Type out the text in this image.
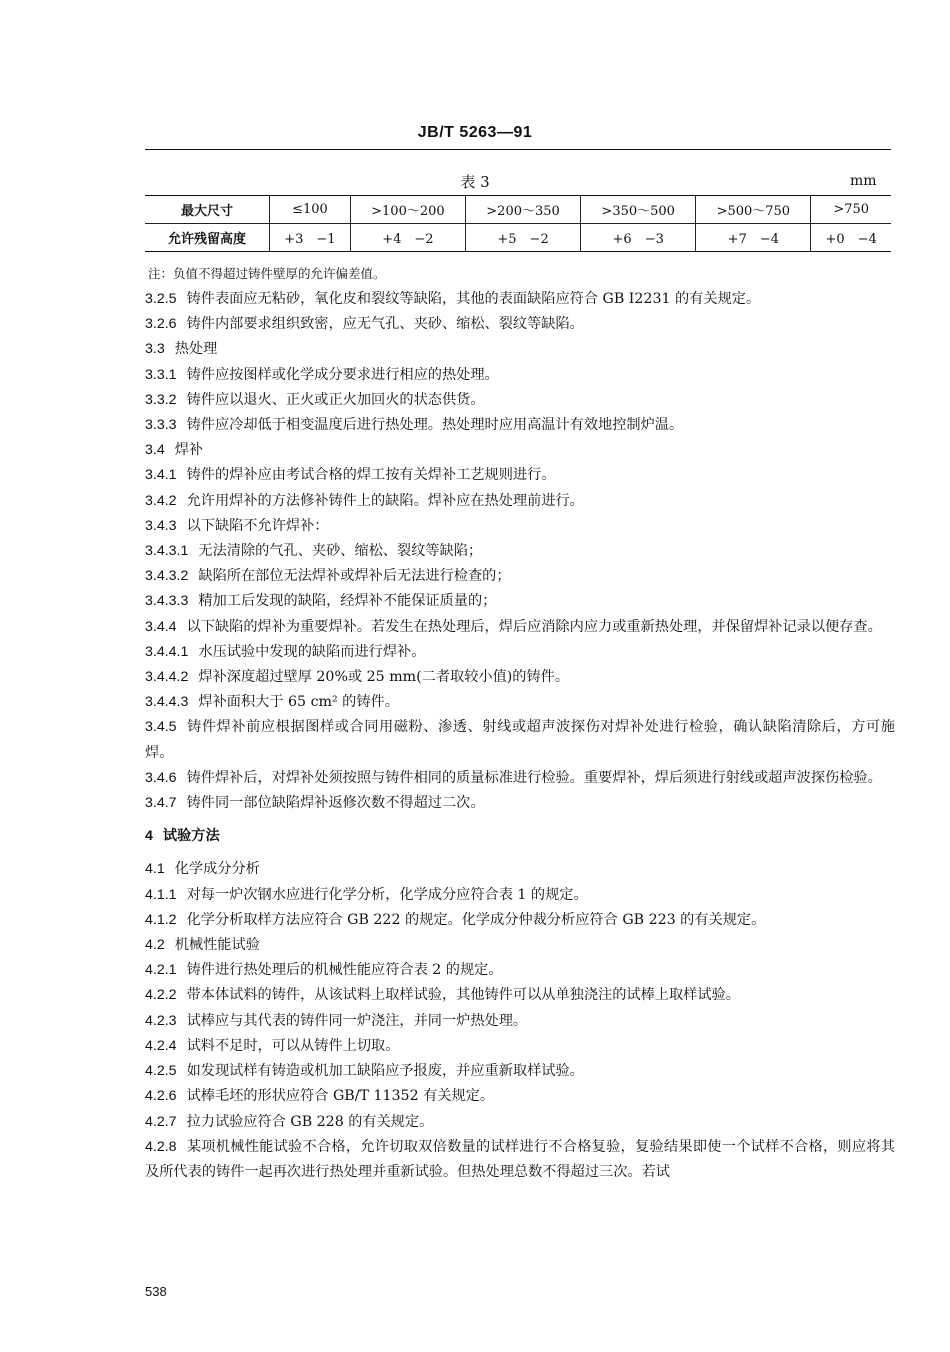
JB/T 5263—91
表 3	mm
最大尺寸	≤100	>100～200	>200～350	>350～500	>500～750	>750
允许残留高度	+3　−1	+4　−2	+5　−2	+6　−3	+7　−4	+0　−4
注：负值不得超过铸件壁厚的允许偏差值。

3.2.5 铸件表面应无粘砂，氧化皮和裂纹等缺陷，其他的表面缺陷应符合 GB I2231 的有关规定。

3.2.6 铸件内部要求组织致密，应无气孔、夹砂、缩松、裂纹等缺陷。

3.3 热处理

3.3.1 铸件应按图样或化学成分要求进行相应的热处理。

3.3.2 铸件应以退火、正火或正火加回火的状态供货。

3.3.3 铸件应冷却低于相变温度后进行热处理。热处理时应用高温计有效地控制炉温。

3.4 焊补

3.4.1 铸件的焊补应由考试合格的焊工按有关焊补工艺规则进行。

3.4.2 允许用焊补的方法修补铸件上的缺陷。焊补应在热处理前进行。

3.4.3 以下缺陷不允许焊补：

3.4.3.1 无法清除的气孔、夹砂、缩松、裂纹等缺陷；

3.4.3.2 缺陷所在部位无法焊补或焊补后无法进行检查的；

3.4.3.3 精加工后发现的缺陷，经焊补不能保证质量的；

3.4.4 以下缺陷的焊补为重要焊补。若发生在热处理后，焊后应消除内应力或重新热处理，并保留焊补记录以便存查。

3.4.4.1 水压试验中发现的缺陷而进行焊补。

3.4.4.2 焊补深度超过壁厚 20%或 25 mm(二者取较小值)的铸件。

3.4.4.3 焊补面积大于 65 cm² 的铸件。

3.4.5 铸件焊补前应根据图样或合同用磁粉、渗透、射线或超声波探伤对焊补处进行检验，确认缺陷清除后，方可施焊。

3.4.6 铸件焊补后，对焊补处须按照与铸件相同的质量标准进行检验。重要焊补，焊后须进行射线或超声波探伤检验。

3.4.7 铸件同一部位缺陷焊补返修次数不得超过二次。

4 试验方法

4.1 化学成分分析

4.1.1 对每一炉次钢水应进行化学分析，化学成分应符合表 1 的规定。

4.1.2 化学分析取样方法应符合 GB 222 的规定。化学成分仲裁分析应符合 GB 223 的有关规定。

4.2 机械性能试验

4.2.1 铸件进行热处理后的机械性能应符合表 2 的规定。

4.2.2 带本体试料的铸件，从该试料上取样试验，其他铸件可以从单独浇注的试棒上取样试验。

4.2.3 试棒应与其代表的铸件同一炉浇注，并同一炉热处理。

4.2.4 试料不足时，可以从铸件上切取。

4.2.5 如发现试样有铸造或机加工缺陷应予报废，并应重新取样试验。

4.2.6 试棒毛坯的形状应符合 GB/T 11352 有关规定。

4.2.7 拉力试验应符合 GB 228 的有关规定。

4.2.8 某项机械性能试验不合格，允许切取双倍数量的试样进行不合格复验，复验结果即使一个试样不合格，则应将其及所代表的铸件一起再次进行热处理并重新试验。但热处理总数不得超过三次。若试

538
